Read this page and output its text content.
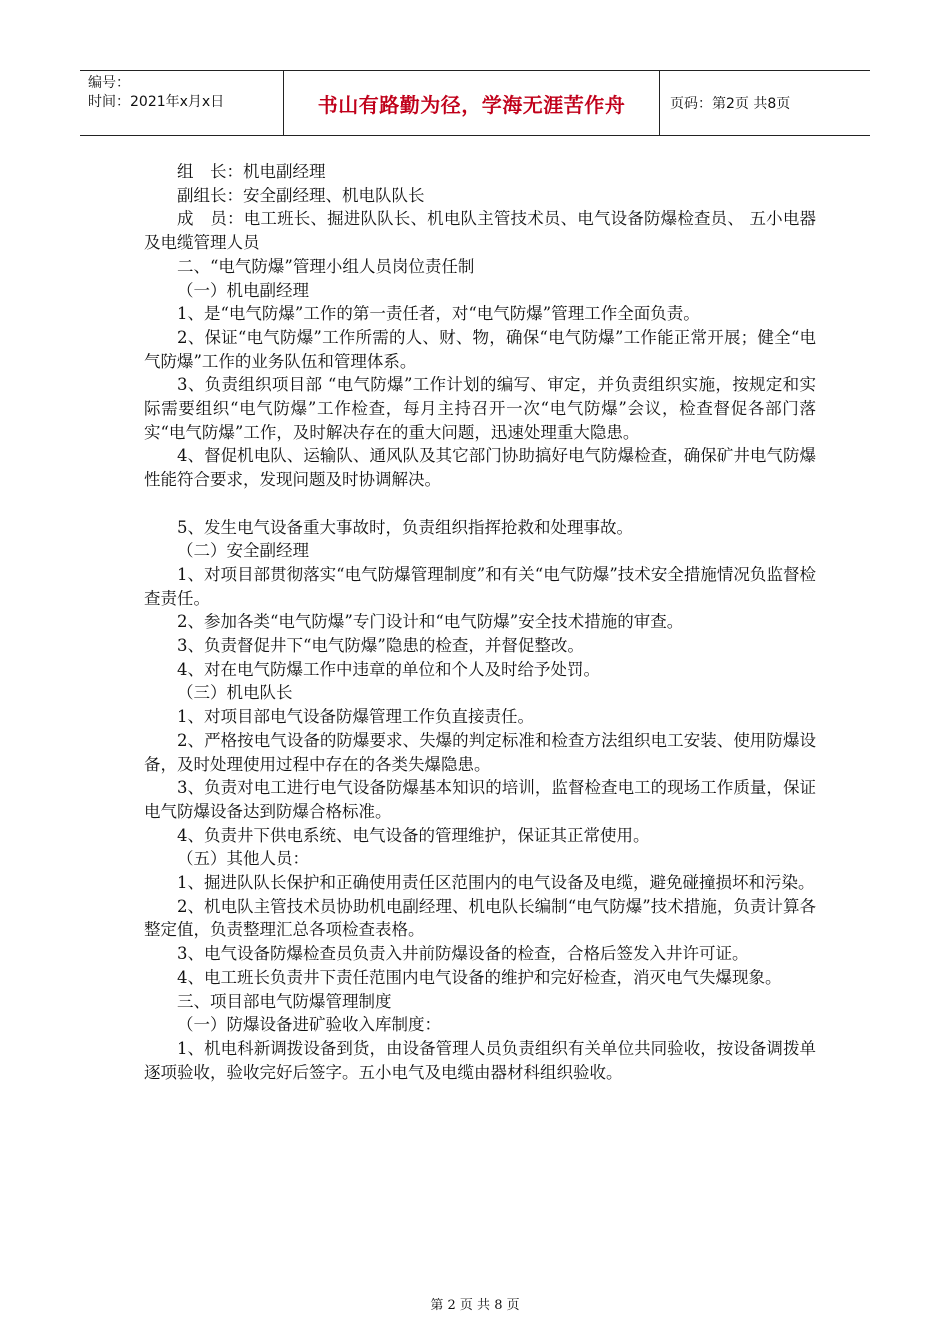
编号：
时间：2021年x月x日	书山有路勤为径，学海无涯苦作舟	页码：第2页 共8页

组　长：机电副经理

副组长：安全副经理、机电队队长

成　员：电工班长、掘进队队长、机电队主管技术员、电气设备防爆检查员、 五小电器及电缆管理人员

二、“电气防爆”管理小组人员岗位责任制

（一）机电副经理

1、是“电气防爆”工作的第一责任者，对“电气防爆”管理工作全面负责。

2、保证“电气防爆”工作所需的人、财、物，确保“电气防爆”工作能正常开展；健全“电气防爆”工作的业务队伍和管理体系。

3、负责组织项目部 “电气防爆”工作计划的编写、审定，并负责组织实施，按规定和实际需要组织“电气防爆”工作检查，每月主持召开一次“电气防爆”会议，检查督促各部门落实“电气防爆”工作，及时解决存在的重大问题，迅速处理重大隐患。

4、督促机电队、运输队、通风队及其它部门协助搞好电气防爆检查，确保矿井电气防爆性能符合要求，发现问题及时协调解决。

5、发生电气设备重大事故时，负责组织指挥抢救和处理事故。

（二）安全副经理

1、对项目部贯彻落实“电气防爆管理制度”和有关“电气防爆”技术安全措施情况负监督检查责任。

2、参加各类“电气防爆”专门设计和“电气防爆”安全技术措施的审查。

3、负责督促井下“电气防爆”隐患的检查，并督促整改。

4、对在电气防爆工作中违章的单位和个人及时给予处罚。

（三）机电队长

1、对项目部电气设备防爆管理工作负直接责任。

2、严格按电气设备的防爆要求、失爆的判定标准和检查方法组织电工安装、使用防爆设备，及时处理使用过程中存在的各类失爆隐患。

3、负责对电工进行电气设备防爆基本知识的培训，监督检查电工的现场工作质量，保证电气防爆设备达到防爆合格标准。

4、负责井下供电系统、电气设备的管理维护，保证其正常使用。

（五）其他人员：

1、掘进队队长保护和正确使用责任区范围内的电气设备及电缆，避免碰撞损坏和污染。

2、机电队主管技术员协助机电副经理、机电队长编制“电气防爆”技术措施，负责计算各整定值，负责整理汇总各项检查表格。

3、电气设备防爆检查员负责入井前防爆设备的检查，合格后签发入井许可证。

4、电工班长负责井下责任范围内电气设备的维护和完好检查，消灭电气失爆现象。

三、项目部电气防爆管理制度

（一）防爆设备进矿验收入库制度：

1、机电科新调拨设备到货，由设备管理人员负责组织有关单位共同验收，按设备调拨单逐项验收，验收完好后签字。五小电气及电缆由器材科组织验收。

第 2 页 共 8 页
